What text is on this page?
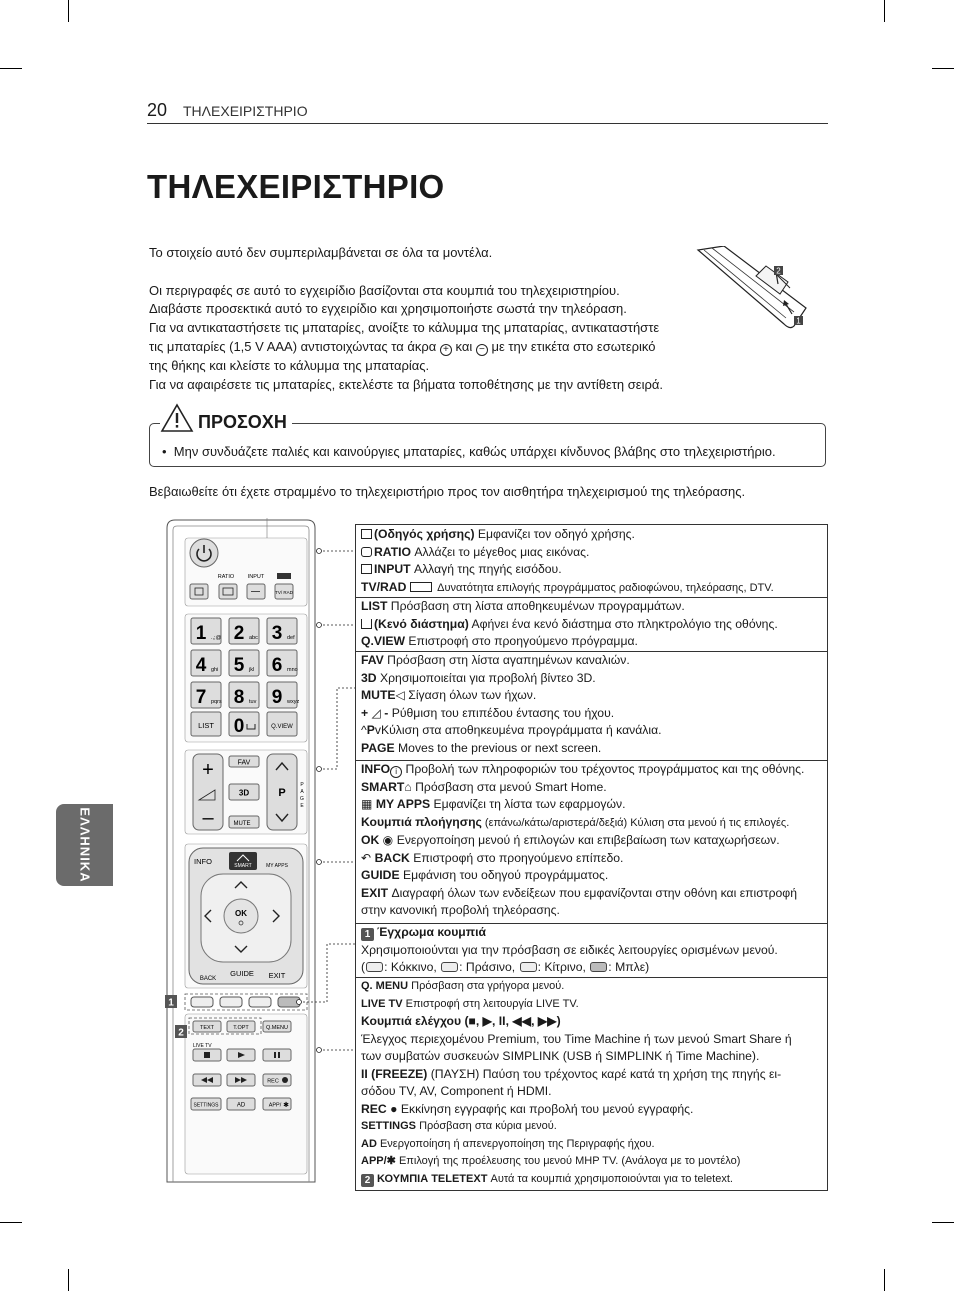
20 ΤΗΛΕΧΕΙΡΙΣΤΗΡΙΟ
ΤΗΛΕΧΕΙΡΙΣΤΗΡΙΟ

Το στοιχείο αυτό δεν συμπεριλαμβάνεται σε όλα τα μοντέλα.

Οι περιγραφές σε αυτό το εγχειρίδιο βασίζονται στα κουμπιά του τηλεχειριστηρίου.

Διαβάστε προσεκτικά αυτό το εγχειρίδιο και χρησιμοποιήστε σωστά την τηλεόραση.

Για να αντικαταστήσετε τις μπαταρίες, ανοίξτε το κάλυμμα της μπαταρίας, αντικαταστήστε

τις μπαταρίες (1,5 V AAA) αντιστοιχώντας τα άκρα + και − με την ετικέτα στο εσωτερικό

της θήκης και κλείστε το κάλυμμα της μπαταρίας.

Για να αφαιρέσετε τις μπαταρίες, εκτελέστε τα βήματα τοποθέτησης με την αντίθετη σειρά.

2
1
•  Μην συνδυάζετε παλιές και καινούργιες μπαταρίες, καθώς υπάρχει κίνδυνος βλάβης στο τηλεχειριστήριο.
ΠΡΟΣΟΧΗ
Βεβαιωθείτε ότι έχετε στραμμένο το τηλεχειριστήριο προς τον αισθητήρα τηλεχειρισμού της τηλεόρασης.
ΕΛΛΗΝΙΚΑ
RATIO INPUT
TV/ RAD
1 .,;@ 2 abc 3 def
4 ghi 5 jkl 6 mno
7 pqrs 8 tuv 9 wxyz
LIST 0	Q.VIEW
+
–
FAV
3D
MUTE
P
P
A
G
E
INFO	SMART	MY APPS
OK
BACK
GUIDE EXIT
1
2	TEXT	T.OPT	Q.MENU
LIVE TV
REC
SETTINGS	AD	APP/ ✱
(Οδηγός χρήσης) Εμφανίζει τον οδηγό χρήσης.
RATIO Αλλάζει το μέγεθος μιας εικόνας.
INPUT Αλλαγή της πηγής εισόδου.
TV/RAD	Δυνατότητα επιλογής προγράμματος ραδιοφώνου, τηλεόρασης, DTV.
LIST Πρόσβαση στη λίστα αποθηκευμένων προγραμμάτων.
(Κενό διάστημα) Αφήνει ένα κενό διάστημα στο πληκτρολόγιο της οθόνης.
Q.VIEW Επιστροφή στο προηγούμενο πρόγραμμα.
FAV Πρόσβαση στη λίστα αγαπημένων καναλιών.
3D Χρησιμοποιείται για προβολή βίντεο 3D.
MUTE◁ Σίγαση όλων των ήχων.
+ ◿ - Ρύθμιση του επιπέδου έντασης του ήχου.
^PvΚύλιση στα αποθηκευμένα προγράμματα ή κανάλια.
PAGE Moves to the previous or next screen.
INFO i Προβολή των πληροφοριών του τρέχοντος προγράμματος και της οθόνης.
SMART⌂ Πρόσβαση στα μενού Smart Home.
▦ MY APPS Εμφανίζει τη λίστα των εφαρμογών.
Κουμπιά πλοήγησης (επάνω/κάτω/αριστερά/δεξιά) Κύλιση στα μενού ή τις επιλογές.
OK ◉ Ενεργοποίηση μενού ή επιλογών και επιβεβαίωση των καταχωρήσεων.
↶ BACK Επιστροφή στο προηγούμενο επίπεδο.
GUIDE Εμφάνιση του οδηγού προγράμματος.
EXIT Διαγραφή όλων των ενδείξεων που εμφανίζονται στην οθόνη και επιστροφή
στην κανονική προβολή τηλεόρασης.
1 Έγχρωμα κουμπιά
Χρησιμοποιούνται για την πρόσβαση σε ειδικές λειτουργίες ορισμένων μενού.
( : Κόκκινο, : Πράσινο, : Κίτρινο, : Μπλε)
Q. MENU Πρόσβαση στα γρήγορα μενού.
LIVE TV Επιστροφή στη λειτουργία LIVE TV.
Κουμπιά ελέγχου (■, ▶, II, ◀◀, ▶▶)
Έλεγχος περιεχομένου Premium, του Time Machine ή των μενού Smart Share ή
των συμβατών συσκευών SIMPLINK (USB ή SIMPLINK ή Time Machine).
II (FREEZE) (ΠΑΥΣΗ) Παύση του τρέχοντος καρέ κατά τη χρήση της πηγής ει-
σόδου TV, AV, Component ή HDMI.
REC ● Εκκίνηση εγγραφής και προβολή του μενού εγγραφής.
SETTINGS Πρόσβαση στα κύρια μενού.
AD Ενεργοποίηση ή απενεργοποίηση της Περιγραφής ήχου.
APP/✱ Επιλογή της προέλευσης του μενού MHP TV. (Ανάλογα με το μοντέλο)
2 ΚΟΥΜΠΙΑ TELETEXT Αυτά τα κουμπιά χρησιμοποιούνται για το teletext.
